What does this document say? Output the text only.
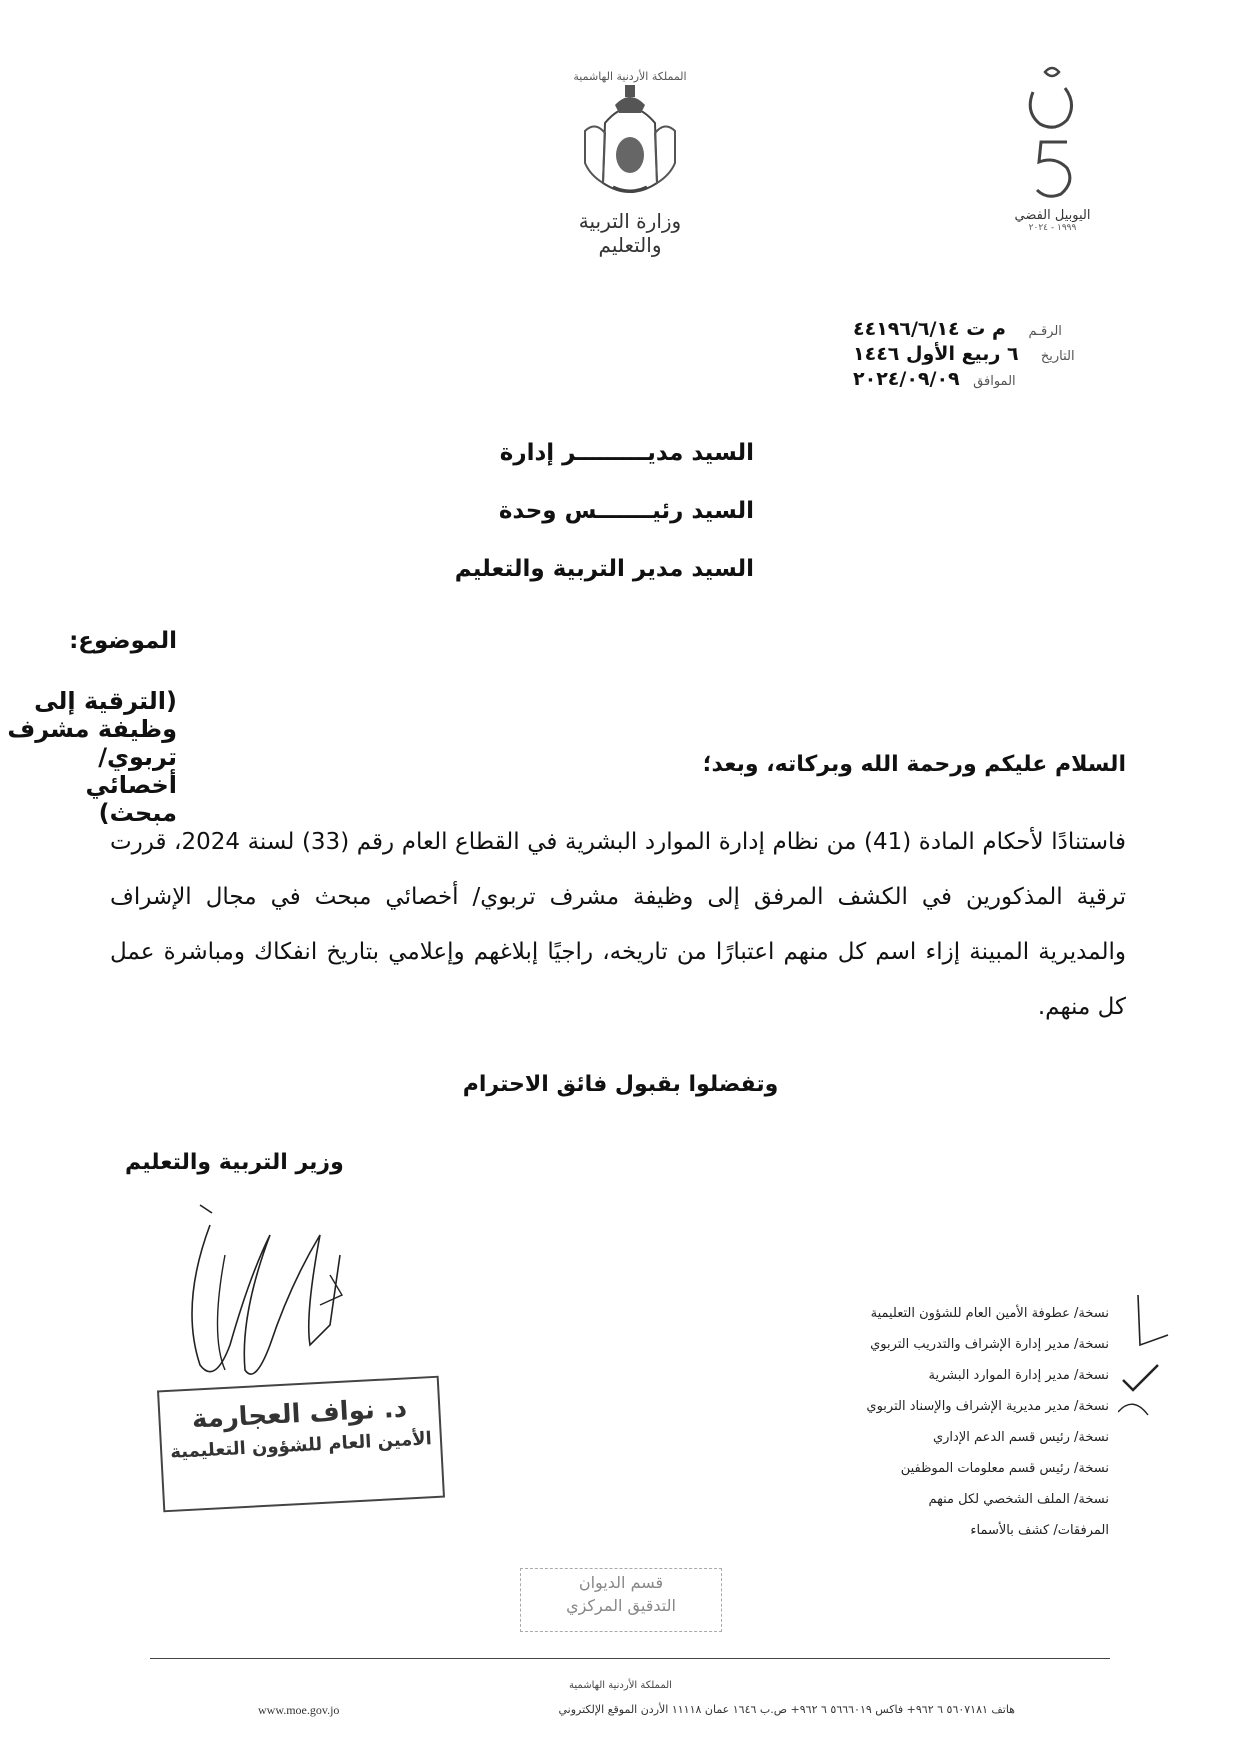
المملكة الأردنية الهاشمية
وزارة التربية والتعليم
اليوبيل الفضي
١٩٩٩ - ٢٠٢٤
الرقـم
م ت ٤٤١٩٦/٦/١٤
التاريخ
٦ ربيع الأول ١٤٤٦
الموافق
٢٠٢٤/٠٩/٠٩
السيد مديـــــــــر إدارة
السيد رئيـــــــس وحدة
السيد مدير التربية والتعليم
الموضوع:
(الترقية إلى وظيفة مشرف تربوي/ أخصائي مبحث)
السلام عليكم ورحمة الله وبركاته، وبعد؛
فاستنادًا لأحكام المادة (41) من نظام إدارة الموارد البشرية في القطاع العام رقم (33) لسنة 2024، قررت ترقية المذكورين في الكشف المرفق إلى وظيفة مشرف تربوي/ أخصائي مبحث في مجال الإشراف والمديرية المبينة إزاء اسم كل منهم اعتبارًا من تاريخه، راجيًا إبلاغهم وإعلامي بتاريخ انفكاك ومباشرة عمل كل منهم.
وتفضلوا بقبول فائق الاحترام
وزير التربية والتعليم
د. نواف العجارمة
الأمين العام للشؤون التعليمية
نسخة/ عطوفة الأمين العام للشؤون التعليمية
نسخة/ مدير إدارة الإشراف والتدريب التربوي
نسخة/ مدير إدارة الموارد البشرية
نسخة/ مدير مديرية الإشراف والإسناد التربوي
نسخة/ رئيس قسم الدعم الإداري
نسخة/ رئيس قسم معلومات الموظفين
نسخة/ الملف الشخصي لكل منهم
المرفقات/ كشف بالأسماء
قسم الديوان
التدقيق المركزي
المملكة الأردنية الهاشمية
هاتف ٥٦٠٧١٨١ ٦ ٩٦٢+ فاكس ٥٦٦٦٠١٩ ٦ ٩٦٢+ ص.ب ١٦٤٦ عمان ١١١١٨ الأردن الموقع الإلكتروني
www.moe.gov.jo
